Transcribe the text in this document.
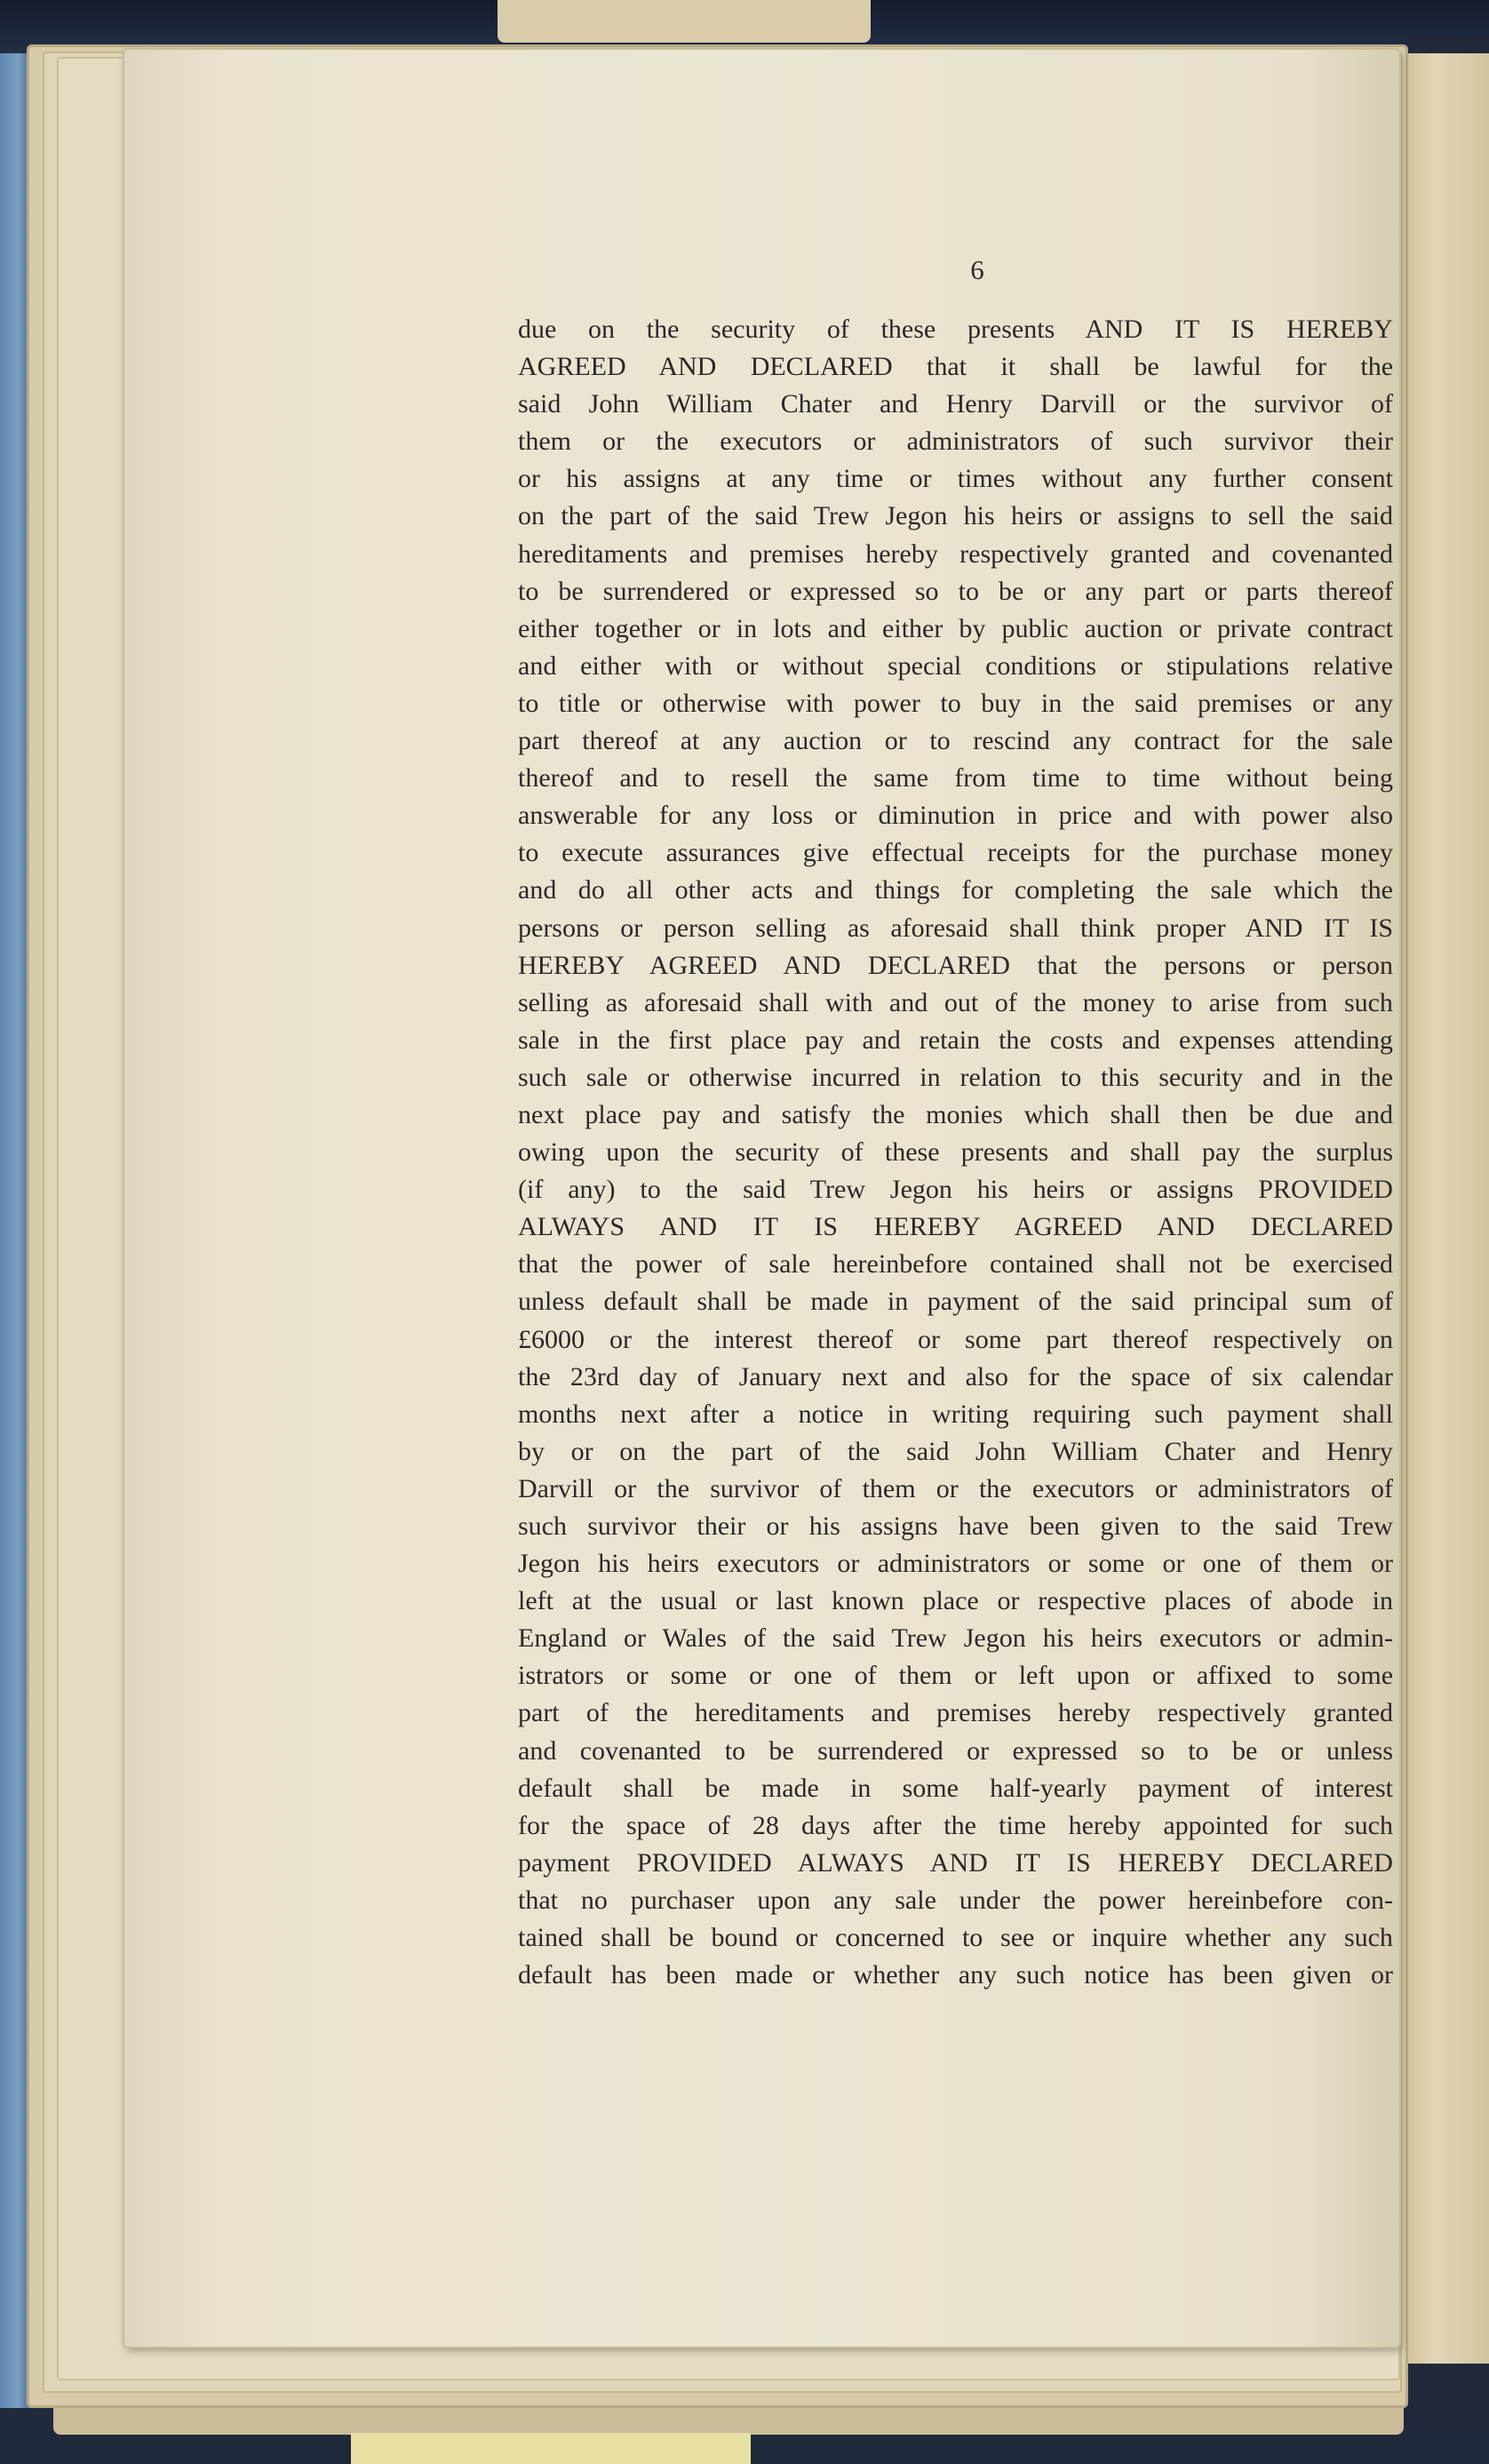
6
due on the security of these presents AND IT IS HEREBY
AGREED AND DECLARED that it shall be lawful for the
said John William Chater and Henry Darvill or the survivor of
them or the executors or administrators of such survivor their
or his assigns at any time or times without any further consent
on the part of the said Trew Jegon his heirs or assigns to sell the said
hereditaments and premises hereby respectively granted and covenanted
to be surrendered or expressed so to be or any part or parts thereof
either together or in lots and either by public auction or private contract
and either with or without special conditions or stipulations relative
to title or otherwise with power to buy in the said premises or any
part thereof at any auction or to rescind any contract for the sale
thereof and to resell the same from time to time without being
answerable for any loss or diminution in price and with power also
to execute assurances give effectual receipts for the purchase money
and do all other acts and things for completing the sale which the
persons or person selling as aforesaid shall think proper AND IT IS
HEREBY AGREED AND DECLARED that the persons or person
selling as aforesaid shall with and out of the money to arise from such
sale in the first place pay and retain the costs and expenses attending
such sale or otherwise incurred in relation to this security and in the
next place pay and satisfy the monies which shall then be due and
owing upon the security of these presents and shall pay the surplus
(if any) to the said Trew Jegon his heirs or assigns PROVIDED
ALWAYS AND IT IS HEREBY AGREED AND DECLARED
that the power of sale hereinbefore contained shall not be exercised
unless default shall be made in payment of the said principal sum of
£6000 or the interest thereof or some part thereof respectively on
the 23rd day of January next and also for the space of six calendar
months next after a notice in writing requiring such payment shall
by or on the part of the said John William Chater and Henry
Darvill or the survivor of them or the executors or administrators of
such survivor their or his assigns have been given to the said Trew
Jegon his heirs executors or administrators or some or one of them or
left at the usual or last known place or respective places of abode in
England or Wales of the said Trew Jegon his heirs executors or admin-
istrators or some or one of them or left upon or affixed to some
part of the hereditaments and premises hereby respectively granted
and covenanted to be surrendered or expressed so to be or unless
default shall be made in some half-yearly payment of interest
for the space of 28 days after the time hereby appointed for such
payment PROVIDED ALWAYS AND IT IS HEREBY DECLARED
that no purchaser upon any sale under the power hereinbefore con-
tained shall be bound or concerned to see or inquire whether any such
default has been made or whether any such notice has been given or
